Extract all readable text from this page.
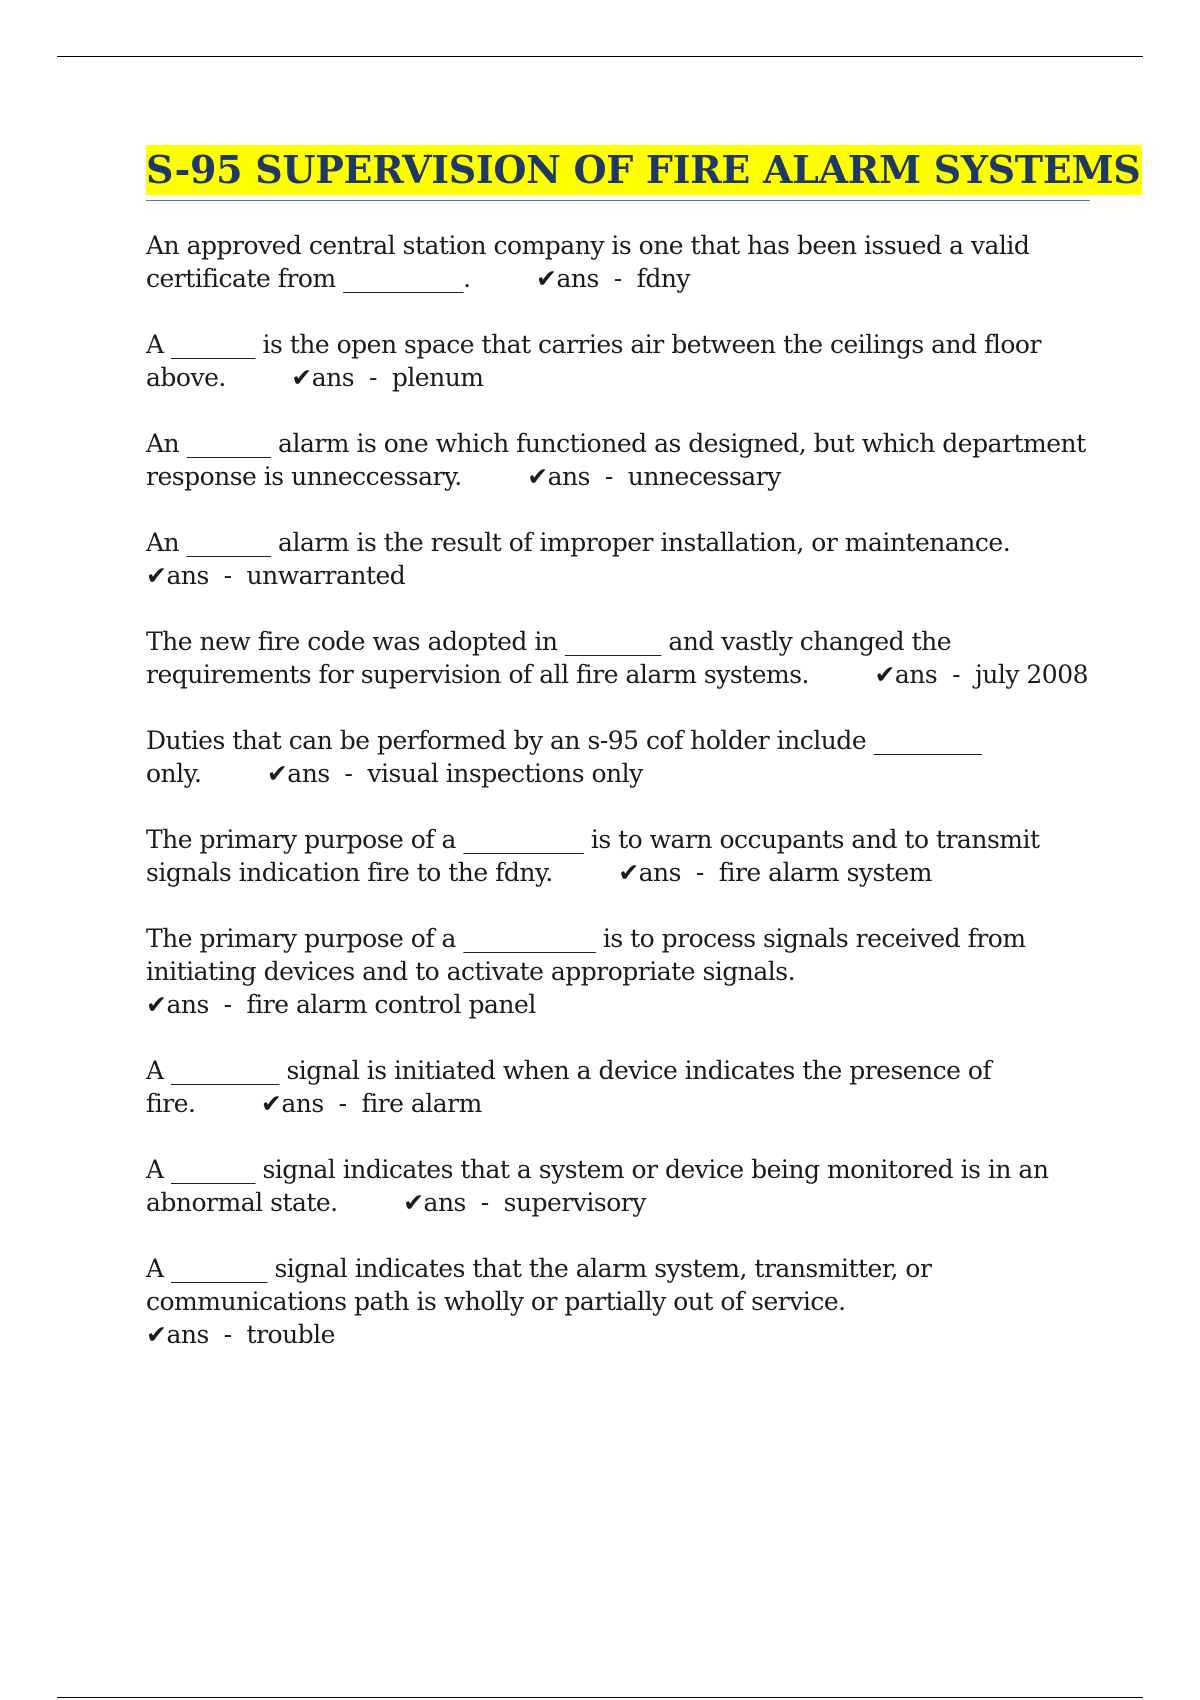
S-95 SUPERVISION OF FIRE ALARM SYSTEMS

An approved central station company is one that has been issued a valid certificate from __________.	✔ans  -  fdny

A _______ is the open space that carries air between the ceilings and floor above.	✔ans  -  plenum

An _______ alarm is one which functioned as designed, but which department response is unneccessary.	✔ans  -  unnecessary

An _______ alarm is the result of improper installation, or maintenance. ✔ans  -  unwarranted

The new fire code was adopted in ________ and vastly changed the requirements for supervision of all fire alarm systems.	✔ans  -  july 2008

Duties that can be performed by an s-95 cof holder include _________ only.	✔ans  -  visual inspections only

The primary purpose of a __________ is to warn occupants and to transmit signals indication fire to the fdny.	✔ans  -  fire alarm system

The primary purpose of a ___________ is to process signals received from initiating devices and to activate appropriate signals. ✔ans  -  fire alarm control panel

A _________ signal is initiated when a device indicates the presence of fire.	✔ans  -  fire alarm

A _______ signal indicates that a system or device being monitored is in an abnormal state.	✔ans  -  supervisory

A ________ signal indicates that the alarm system, transmitter, or communications path is wholly or partially out of service. ✔ans  -  trouble
